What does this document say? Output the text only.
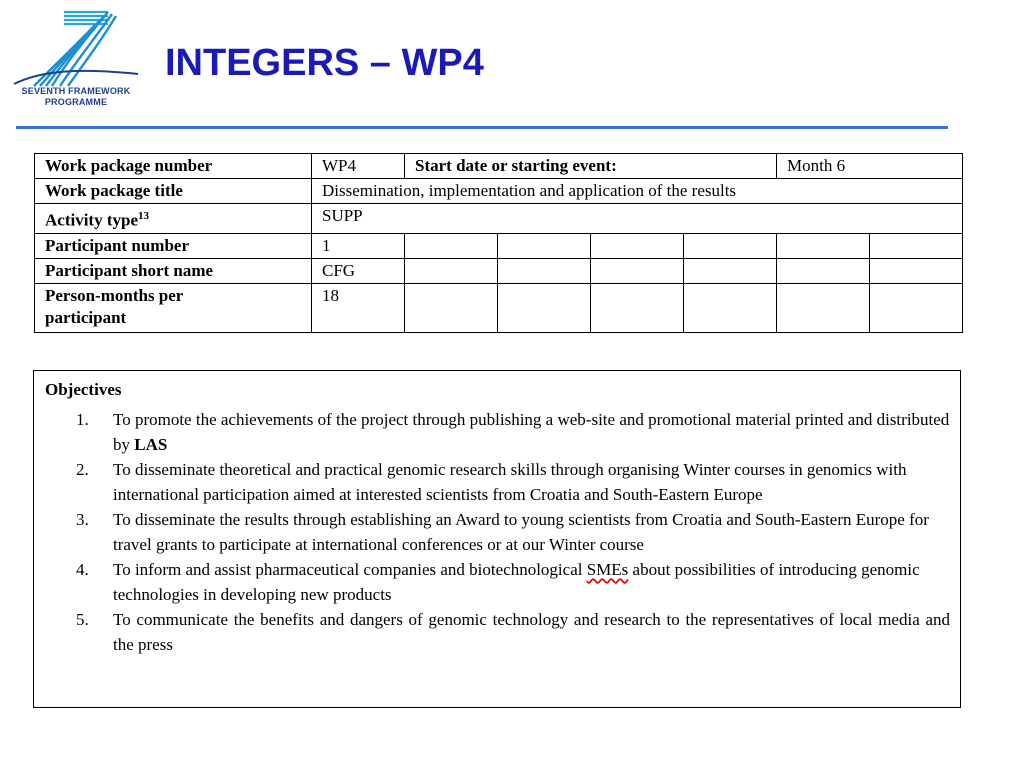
SEVENTH FRAMEWORK
PROGRAMME
INTEGERS – WP4
Work package number	WP4	Start date or starting event:				Month 6	
Work package title	Dissemination, implementation and application of the results						
Activity type$^{13}$	SUPP						
Participant number	1						
Participant short name	CFG						
Person-months per participant	18						
Objectives
1.	To promote the achievements of the project through publishing a web-site and promotional material printed and distributed by LAS
2.	To disseminate theoretical and practical genomic research skills through organising Winter courses in genomics with international participation aimed at interested scientists from Croatia and South-Eastern Europe
3.	To disseminate the results through establishing an Award to young scientists from Croatia and South-Eastern Europe for travel grants to participate at international conferences or at our Winter course
4.	To inform and assist pharmaceutical companies and biotechnological SMEs about possibilities of introducing genomic technologies in developing new products
5.	To communicate the benefits and dangers of genomic technology and research to the representatives of local media and the press
